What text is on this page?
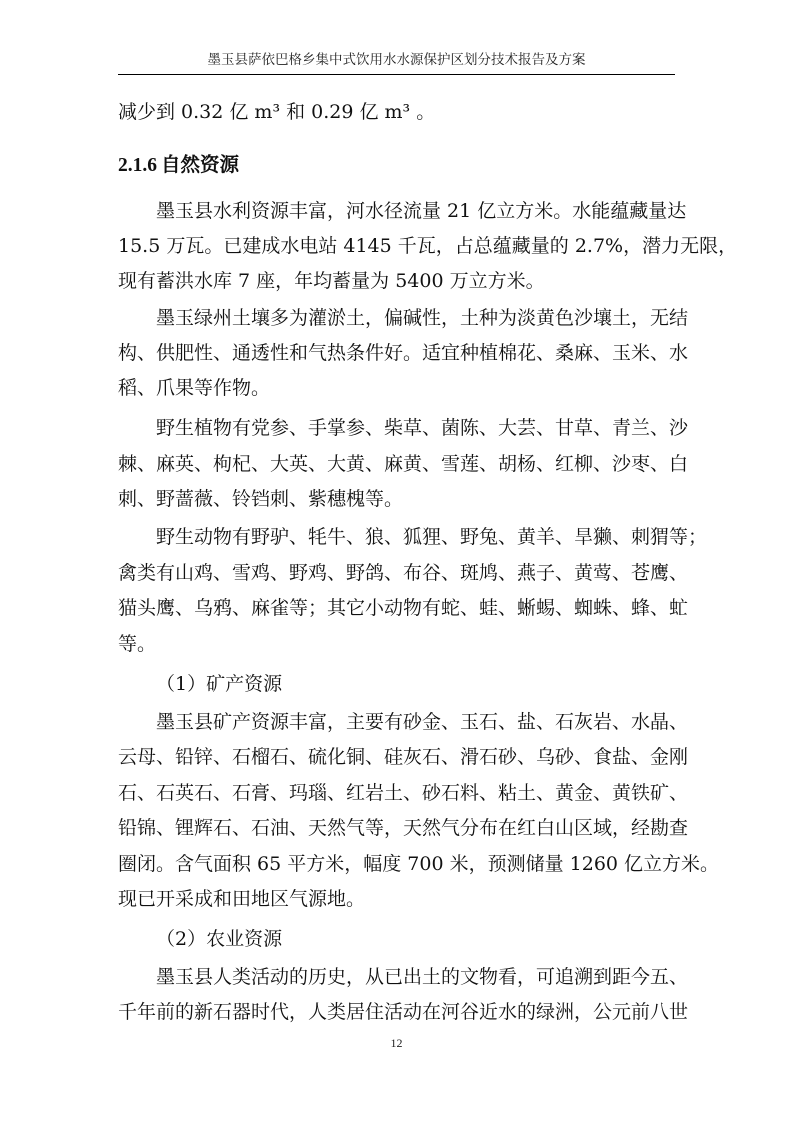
墨玉县萨依巴格乡集中式饮用水水源保护区划分技术报告及方案
减少到 0.32 亿 m³ 和 0.29 亿 m³ 。
2.1.6 自然资源
墨玉县水利资源丰富，河水径流量 21 亿立方米。水能蕴藏量达
15.5 万瓦。已建成水电站 4145 千瓦，占总蕴藏量的 2.7%，潜力无限，
现有蓄洪水库 7 座，年均蓄量为 5400 万立方米。
墨玉绿州土壤多为灌淤土，偏碱性，土种为淡黄色沙壤土，无结
构、供肥性、通透性和气热条件好。适宜种植棉花、桑麻、玉米、水
稻、爪果等作物。
野生植物有党参、手掌参、柴草、菌陈、大芸、甘草、青兰、沙
棘、麻英、枸杞、大英、大黄、麻黄、雪莲、胡杨、红柳、沙枣、白
刺、野蔷薇、铃铛刺、紫穗槐等。
野生动物有野驴、牦牛、狼、狐狸、野兔、黄羊、旱獭、刺猬等；
禽类有山鸡、雪鸡、野鸡、野鸽、布谷、斑鸠、燕子、黄莺、苍鹰、
猫头鹰、乌鸦、麻雀等；其它小动物有蛇、蛙、蜥蜴、蜘蛛、蜂、虻
等。
（1）矿产资源
墨玉县矿产资源丰富，主要有砂金、玉石、盐、石灰岩、水晶、
云母、铅锌、石榴石、硫化铜、硅灰石、滑石砂、乌砂、食盐、金刚
石、石英石、石膏、玛瑙、红岩土、砂石料、粘土、黄金、黄铁矿、
铅锦、锂辉石、石油、天然气等，天然气分布在红白山区域，经勘查
圈闭。含气面积 65 平方米，幅度 700 米，预测储量 1260 亿立方米。
现已开采成和田地区气源地。
（2）农业资源
墨玉县人类活动的历史，从已出土的文物看，可追溯到距今五、
千年前的新石器时代，人类居住活动在河谷近水的绿洲，公元前八世
12
